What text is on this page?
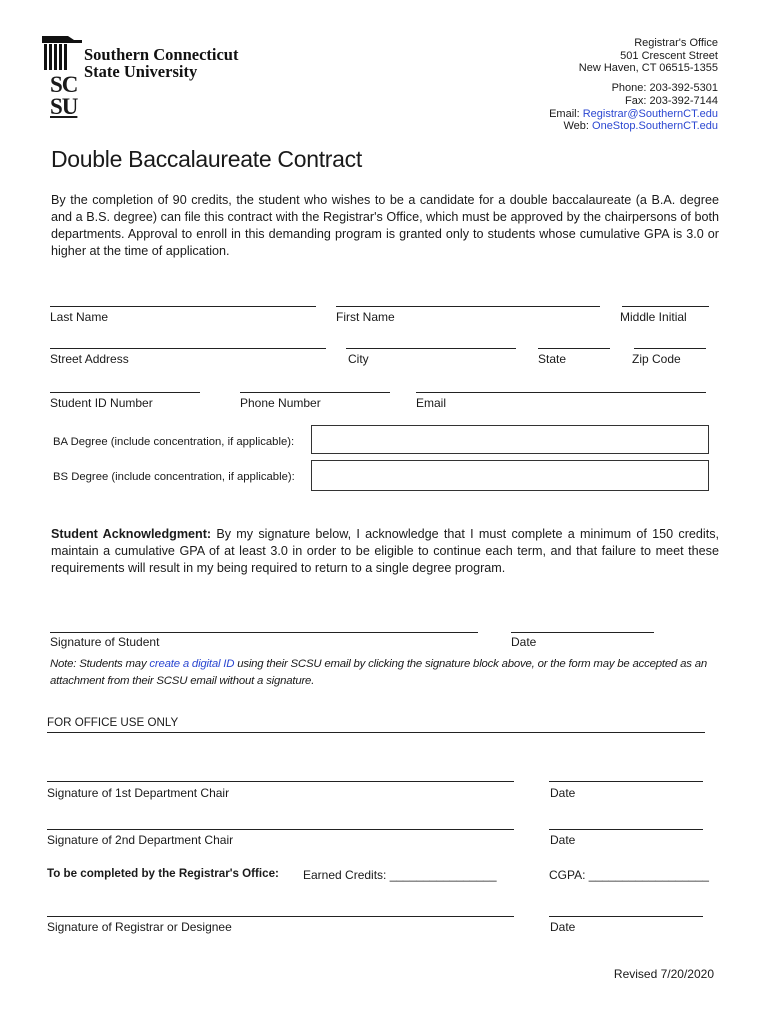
Southern Connecticut
State University
SC
SU
Registrar's Office
501 Crescent Street
New Haven, CT 06515-1355
Phone: 203-392-5301
Fax: 203-392-7144
Email: Registrar@SouthernCT.edu
Web: OneStop.SouthernCT.edu
Double Baccalaureate Contract
By the completion of 90 credits, the student who wishes to be a candidate for a double baccalaureate (a B.A. degree and a B.S. degree) can file this contract with the Registrar's Office, which must be approved by the chairpersons of both departments. Approval to enroll in this demanding program is granted only to students whose cumulative GPA is 3.0 or higher at the time of application.
Last Name	First Name	Middle Initial
Street Address	City	State	Zip Code
Student ID Number	Phone Number	Email
BA Degree (include concentration, if applicable):
BS Degree (include concentration, if applicable):
Student Acknowledgment: By my signature below, I acknowledge that I must complete a minimum of 150 credits, maintain a cumulative GPA of at least 3.0 in order to be eligible to continue each term, and that failure to meet these requirements will result in my being required to return to a single degree program.
Signature of Student	Date
Note: Students may create a digital ID using their SCSU email by clicking the signature block above, or the form may be accepted as an attachment from their SCSU email without a signature.
FOR OFFICE USE ONLY
Signature of 1st Department Chair	Date
Signature of 2nd Department Chair	Date
To be completed by the Registrar's Office: Earned Credits: ________________	CGPA: __________________
Signature of Registrar or Designee	Date
Revised 7/20/2020
